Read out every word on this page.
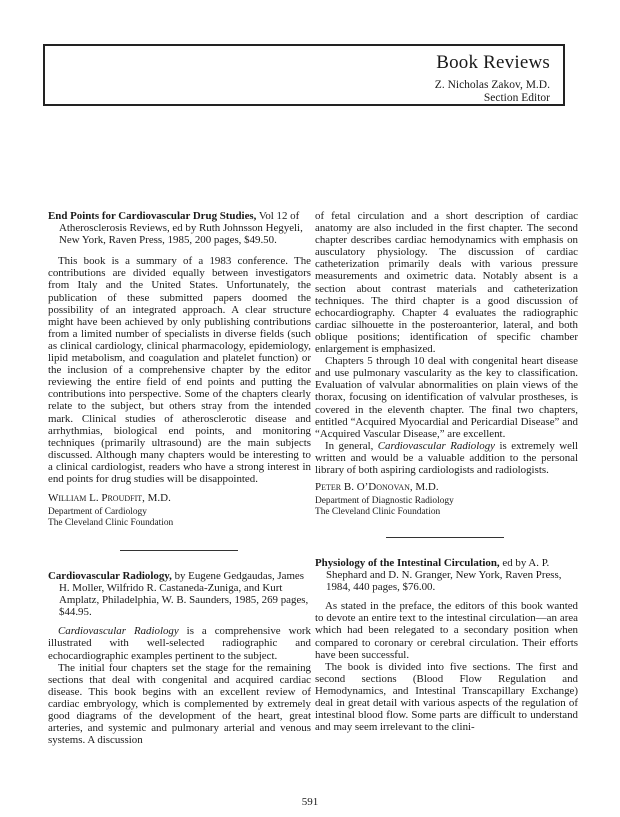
Book Reviews
Z. Nicholas Zakov, M.D.
Section Editor

End Points for Cardiovascular Drug Studies, Vol 12 of Atherosclerosis Reviews, ed by Ruth Johnsson Hegyeli, New York, Raven Press, 1985, 200 pages, $49.50.

This book is a summary of a 1983 conference. The contributions are divided equally between investigators from Italy and the United States. Unfortunately, the publication of these submitted papers doomed the possibility of an integrated approach. A clear structure might have been achieved by only publishing contributions from a limited number of specialists in diverse fields (such as clinical cardiology, clinical pharmacology, epidemiology, lipid metabolism, and coagulation and platelet function) or the inclusion of a comprehensive chapter by the editor reviewing the entire field of end points and putting the contributions into perspective. Some of the chapters clearly relate to the subject, but others stray from the intended mark. Clinical studies of atherosclerotic disease and arrhythmias, biological end points, and monitoring techniques (primarily ultrasound) are the main subjects discussed. Although many chapters would be interesting to a clinical cardiologist, readers who have a strong interest in end points for drug studies will be disappointed.

William L. Proudfit, M.D.

Department of Cardiology

The Cleveland Clinic Foundation

of fetal circulation and a short description of cardiac anatomy are also included in the first chapter. The second chapter describes cardiac hemodynamics with emphasis on ausculatory physiology. The discussion of cardiac catheterization primarily deals with various pressure measurements and oximetric data. Notably absent is a section about contrast materials and catheterization techniques. The third chapter is a good discussion of echocardiography. Chapter 4 evaluates the radiographic cardiac silhouette in the posteroanterior, lateral, and both oblique positions; identification of specific chamber enlargement is emphasized.

Chapters 5 through 10 deal with congenital heart disease and use pulmonary vascularity as the key to classification. Evaluation of valvular abnormalities on plain views of the thorax, focusing on identification of valvular prostheses, is covered in the eleventh chapter. The final two chapters, entitled “Acquired Myocardial and Pericardial Disease” and “Acquired Vascular Disease,” are excellent.

In general, Cardiovascular Radiology is extremely well written and would be a valuable addition to the personal library of both aspiring cardiologists and radiologists.

Peter B. O’Donovan, M.D.

Department of Diagnostic Radiology

The Cleveland Clinic Foundation

Cardiovascular Radiology, by Eugene Gedgaudas, James H. Moller, Wilfrido R. Castaneda-Zuniga, and Kurt Amplatz, Philadelphia, W. B. Saunders, 1985, 269 pages, $44.95.

Cardiovascular Radiology is a comprehensive work illustrated with well-selected radiographic and echocardiographic examples pertinent to the subject.

The initial four chapters set the stage for the remaining sections that deal with congenital and acquired cardiac disease. This book begins with an excellent review of cardiac embryology, which is complemented by extremely good diagrams of the development of the heart, great arteries, and systemic and pulmonary arterial and venous systems. A discussion

Physiology of the Intestinal Circulation, ed by A. P. Shephard and D. N. Granger, New York, Raven Press, 1984, 440 pages, $76.00.

As stated in the preface, the editors of this book wanted to devote an entire text to the intestinal circulation—an area which had been relegated to a secondary position when compared to coronary or cerebral circulation. Their efforts have been successful.

The book is divided into five sections. The first and second sections (Blood Flow Regulation and Hemodynamics, and Intestinal Transcapillary Exchange) deal in great detail with various aspects of the regulation of intestinal blood flow. Some parts are difficult to understand and may seem irrelevant to the clini-

591
